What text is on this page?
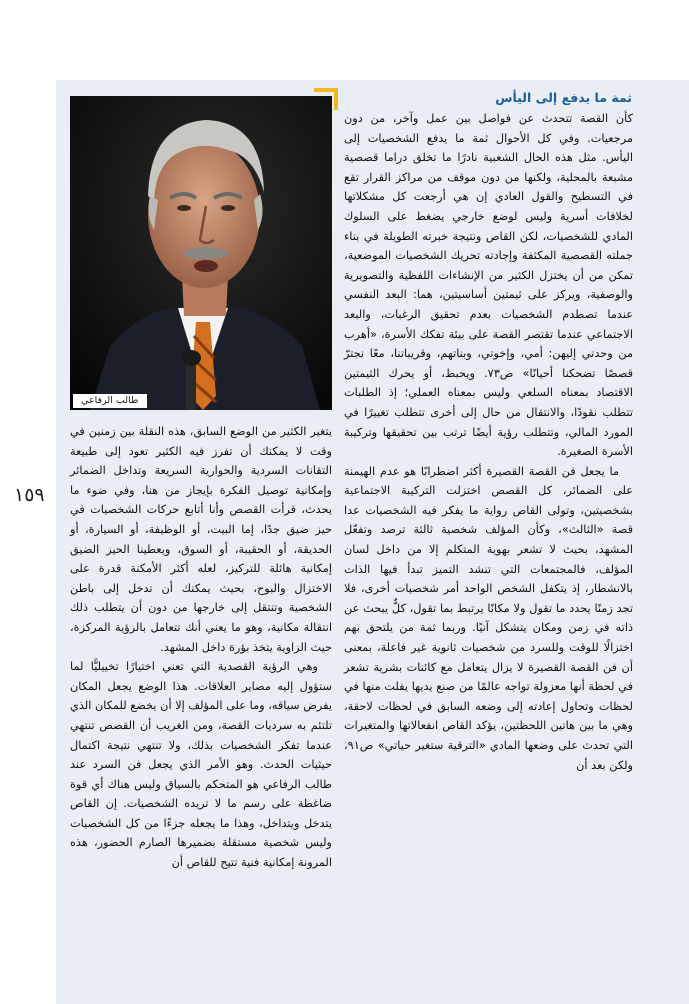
١٥٩
ثمة ما يدفع إلى اليأس

كأن القصة تتحدث عن فواصل بين عمل وآخر، من دون مرجعيات. وفي كل الأحوال ثمة ما يدفع الشخصيات إلى اليأس. مثل هذه الحال الشعبية نادرًا ما تخلق دراما قصصية مشبعة بالمحلية، ولكنها من دون موقف من مراكز القرار تقع في التسطيح والقول العادي إن هي أرجعت كل مشكلاتها لخلافات أسرية وليس لوضع خارجي يضغط على السلوك المادي للشخصيات، لكن القاص ونتيجة خبرته الطويلة في بناء جملته القصصية المكثفة وإجادته تحريك الشخصيات الموضعية، تمكن من أن يختزل الكثير من الإنشاءات اللفظية والتصويرية والوصفية، ويركز على ثيمتين أساسيتين، هما: البعد النفسي عندما تصطدم الشخصيات بعدم تحقيق الرغبات، والبعد الاجتماعي عندما تقتصر القصة على بيئة تفكك الأسرة، «أهرب من وحدتي إليهن: أمي، وإخوتي، وبناتهم، وقريباتنا، معًا نجترّ قصصًا تضحكنا أحيانًا» ص٧٣. ويحبط، أو يحرك الثيمتين الاقتصاد بمعناه السلعي وليس بمعناه العملي؛ إذ الطلبات تتطلب نقودًا، والانتقال من حال إلى أخرى تتطلب تغييرًا في المورد المالي، وتتطلب رؤية أيضًا ترتب بين تحقيقها وتركيبة الأسرة الصغيرة.

ما يجعل فن القصة القصيرة أكثر اضطرابًا هو عدم الهيمنة على الضمائر، كل القصص اختزلت التركيبة الاجتماعية بشخصيتين، وتولى القاص رواية ما يفكر فيه الشخصيات عدا قصة «الثالث»، وكأن المؤلف شخصية ثالثة ترصد وتفعّل المشهد، بحيث لا تشعر بهوية المتكلم إلا من داخل لسان المؤلف، فالمجتمعات التي تنشد التميز تبدأ فيها الذات بالانشطار، إذ يتكفل الشخص الواحد أمر شخصيات أخرى، فلا تجد زمنًا يحدد ما تقول ولا مكانًا يرتبط بما تقول، كلٌّ يبحث عن ذاته في زمن ومكان يتشكل آنيًا. وربما ثمة من يلتحق بهم اختزالًا للوقت وللسرد من شخصيات ثانوية غير فاعلة، بمعنى أن فن القصة القصيرة لا يزال يتعامل مع كائنات بشرية تشعر في لحظة أنها معزولة تواجه عالمًا من صنع يديها يفلت منها في لحظات وتحاول إعادته إلى وضعه السابق في لحظات لاحقة، وهي ما بين هاتين اللحظتين، يؤكد القاص انفعالاتها والمتغيرات التي تحدث على وضعها المادي «الترقية ستغير حياتي» ص٩١، ولكن بعد أن

طالب الرفاعي

يتغير الكثير من الوضع السابق، هذه النقلة بين زمنين في وقت لا يمكنك أن تفرز فيه الكثير تعود إلى طبيعة التقانات السردية والحوارية السريعة وتداخل الضمائر وإمكانية توصيل الفكرة بإيجاز من هنا، وفي ضوء ما يحدث، قرأت القصص وأنا أتابع حركات الشخصيات في حيز ضيق جدًا، إما البيت، أو الوظيفة، أو السيارة، أو الحديقة، أو الحقيبة، أو السوق، ويعطينا الحيز الضيق إمكانية هائلة للتركيز، لعله أكثر الأمكنة قدرة على الاختزال والبوح، بحيث يمكنك أن تدخل إلى باطن الشخصية وتنتقل إلى خارجها من دون أن يتطلب ذلك انتقالة مكانية، وهو ما يعني أنك تتعامل بالرؤية المركزة، حيث الزاوية يتخذ بؤرة داخل المشهد.

وهي الرؤية القصدية التي تعني اختيارًا تخييليًّا لما ستؤول إليه مصاير العلاقات. هذا الوضع يجعل المكان يفرض سياقه، وما على المؤلف إلا أن يخضع للمكان الذي تلتئم به سرديات القصة، ومن الغريب أن القصص تنتهي عندما تفكر الشخصيات بذلك، ولا تنتهي نتيجة اكتمال حيثيات الحدث. وهو الأمر الذي يجعل فن السرد عند طالب الرفاعي هو المتحكم بالسياق وليس هناك أي قوة ضاغطة على رسم ما لا تريده الشخصيات. إن القاص يتدخل ويتداخل، وهذا ما يجعله جزءًا من كل الشخصيات وليس شخصية مستقلة بضميرها الصارم الحضور، هذه المرونة إمكانية فنية تتيح للقاص أن
